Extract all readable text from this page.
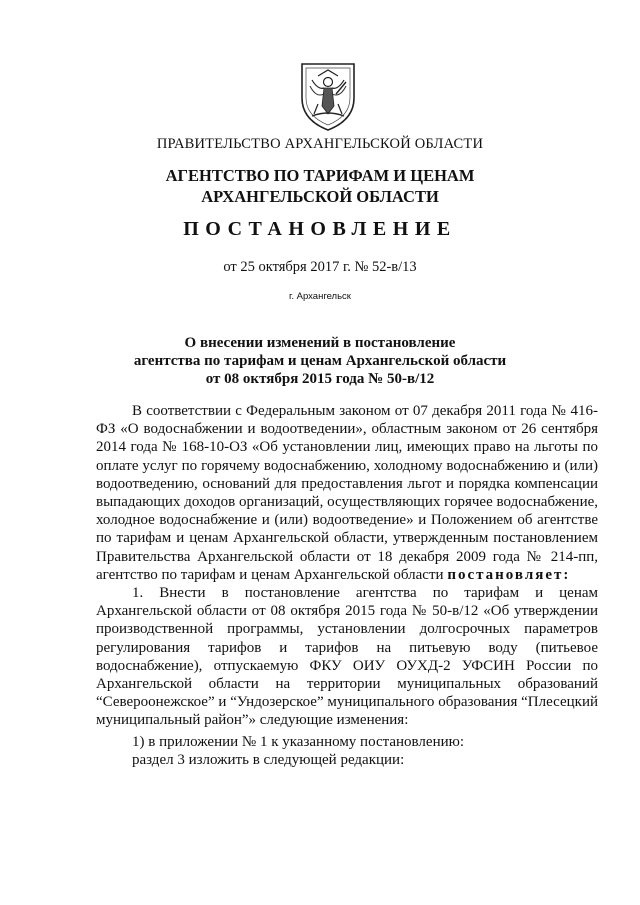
ПРАВИТЕЛЬСТВО АРХАНГЕЛЬСКОЙ ОБЛАСТИ
АГЕНТСТВО ПО ТАРИФАМ И ЦЕНАМ
АРХАНГЕЛЬСКОЙ ОБЛАСТИ
ПОСТАНОВЛЕНИЕ
от 25 октября 2017 г. № 52-в/13
г. Архангельск
О внесении изменений в постановление
агентства по тарифам и ценам Архангельской области
от 08 октября 2015 года № 50-в/12

В соответствии с Федеральным законом от 07 декабря 2011 года № 416-ФЗ «О водоснабжении и водоотведении», областным законом от 26 сентября 2014 года № 168-10-ОЗ «Об установлении лиц, имеющих право на льготы по оплате услуг по горячему водоснабжению, холодному водоснабжению и (или) водоотведению, оснований для предоставления льгот и порядка компенсации выпадающих доходов организаций, осуществляющих горячее водоснабжение, холодное водоснабжение и (или) водоотведение» и Положением об агентстве по тарифам и ценам Архангельской области, утвержденным постановлением Правительства Архангельской области от 18 декабря 2009 года № 214-пп, агентство по тарифам и ценам Архангельской области постановляет:

1. Внести в постановление агентства по тарифам и ценам Архангельской области от 08 октября 2015 года № 50-в/12 «Об утверждении производственной программы, установлении долгосрочных параметров регулирования тарифов и тарифов на питьевую воду (питьевое водоснабжение), отпускаемую ФКУ ОИУ ОУХД-2 УФСИН России по Архангельской области на территории муниципальных образований “Североонежское” и “Ундозерское” муниципального образования “Плесецкий муниципальный район”» следующие изменения:

1) в приложении № 1 к указанному постановлению:

раздел 3 изложить в следующей редакции:
